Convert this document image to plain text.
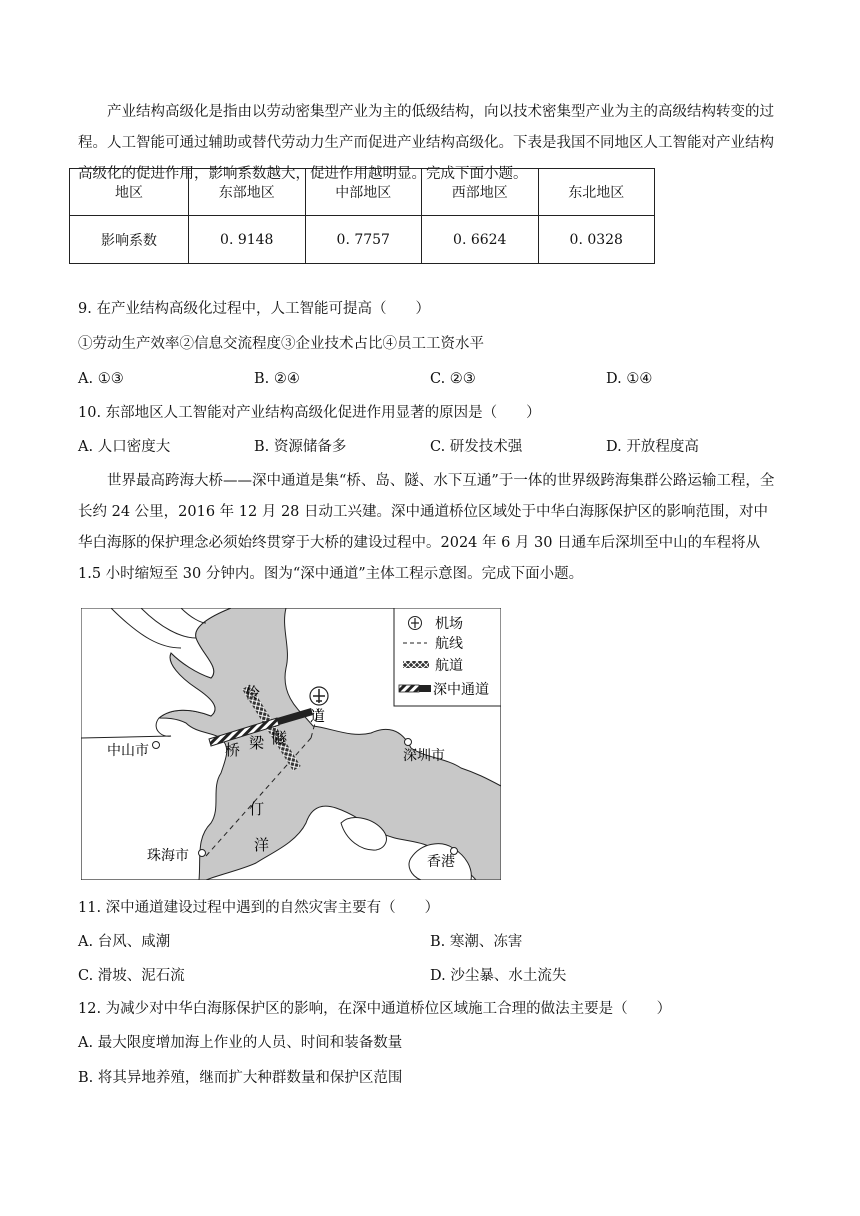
产业结构高级化是指由以劳动密集型产业为主的低级结构，向以技术密集型产业为主的高级结构转变的过程。人工智能可通过辅助或替代劳动力生产而促进产业结构高级化。下表是我国不同地区人工智能对产业结构高级化的促进作用，影响系数越大，促进作用越明显。完成下面小题。

地区	东部地区	中部地区	西部地区	东北地区
影响系数	0. 9148	0. 7757	0. 6624	0. 0328
9. 在产业结构高级化过程中，人工智能可提高（　　）
①劳动生产效率②信息交流程度③企业技术占比④员工工资水平
A. ①③	B. ②④	C. ②③	D. ①④
10. 东部地区人工智能对产业结构高级化促进作用显著的原因是（　　）
A. 人口密度大	B. 资源储备多	C. 研发技术强	D. 开放程度高

世界最高跨海大桥——深中通道是集“桥、岛、隧、水下互通”于一体的世界级跨海集群公路运输工程，全长约 24 公里，2016 年 12 月 28 日动工兴建。深中通道桥位区域处于中华白海豚保护区的影响范围，对中华白海豚的保护理念必须始终贯穿于大桥的建设过程中。2024 年 6 月 30 日通车后深圳至中山的车程将从 1.5 小时缩短至 30 分钟内。图为“深中通道”主体工程示意图。完成下面小题。

中山市	深圳市
珠海市	香港
伶
仃
洋
桥 梁 隧
道
机场
航线
航道
深中通道
11. 深中通道建设过程中遇到的自然灾害主要有（　　）
A. 台风、咸潮	B. 寒潮、冻害
C. 滑坡、泥石流	D. 沙尘暴、水土流失
12. 为减少对中华白海豚保护区的影响，在深中通道桥位区域施工合理的做法主要是（　　）
A. 最大限度增加海上作业的人员、时间和装备数量
B. 将其异地养殖，继而扩大种群数量和保护区范围
